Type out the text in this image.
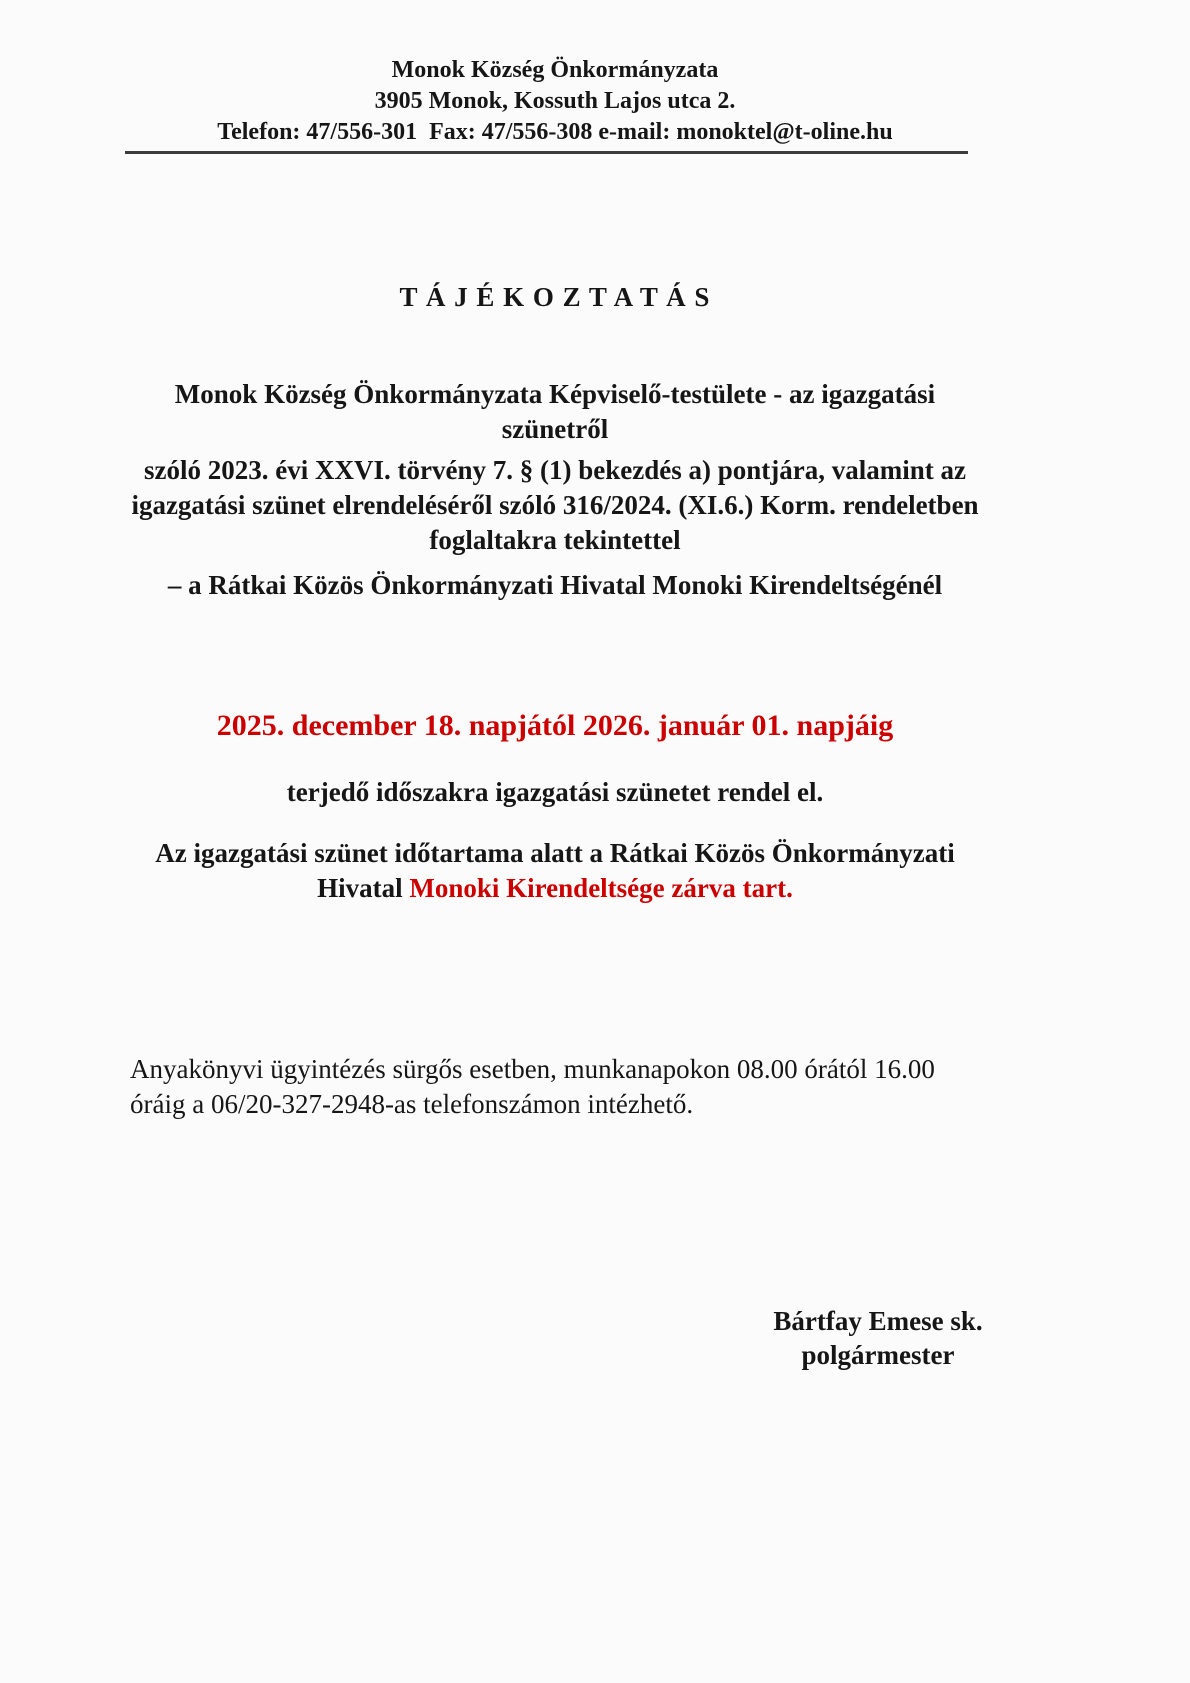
Monok Község Önkormányzata
3905 Monok, Kossuth Lajos utca 2.
Telefon: 47/556-301  Fax: 47/556-308 e-mail: monoktel@t-oline.hu
T Á J É K O Z T A T Á S
Monok Község Önkormányzata Képviselő-testülete - az igazgatási szünetről
szóló 2023. évi XXVI. törvény 7. § (1) bekezdés a) pontjára, valamint az igazgatási szünet elrendeléséről szóló 316/2024. (XI.6.) Korm. rendeletben foglaltakra tekintettel
– a Rátkai Közös Önkormányzati Hivatal Monoki Kirendeltségénél
2025. december 18. napjától 2026. január 01. napjáig
terjedő időszakra igazgatási szünetet rendel el.
Az igazgatási szünet időtartama alatt a Rátkai Közös Önkormányzati Hivatal Monoki Kirendeltsége zárva tart.
Anyakönyvi ügyintézés sürgős esetben, munkanapokon 08.00 órától 16.00 óráig a 06/20-327-2948-as telefonszámon intézhető.
Bártfay Emese sk.
polgármester
